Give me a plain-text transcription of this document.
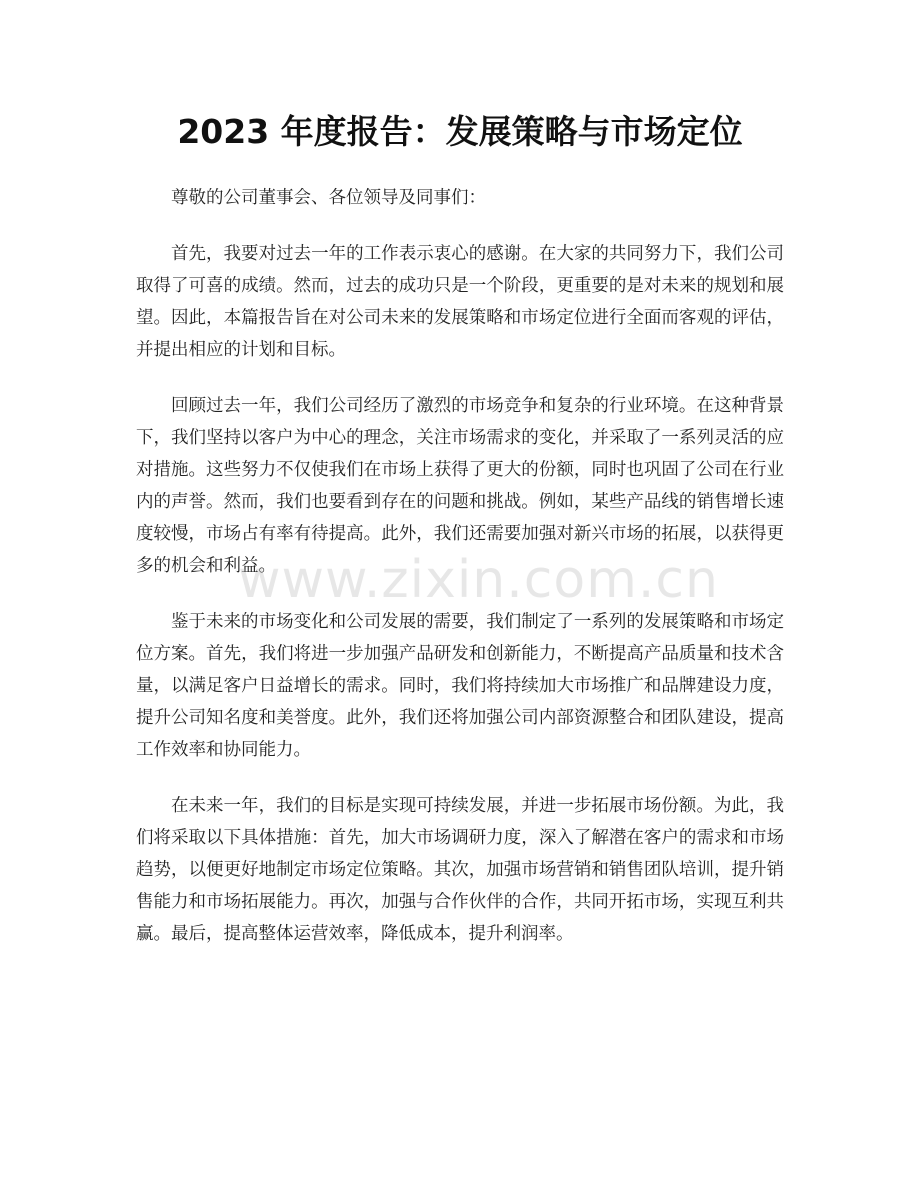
2023 年度报告：发展策略与市场定位

尊敬的公司董事会、各位领导及同事们：

首先，我要对过去一年的工作表示衷心的感谢。在大家的共同努力下，我们公司取得了可喜的成绩。然而，过去的成功只是一个阶段，更重要的是对未来的规划和展望。因此，本篇报告旨在对公司未来的发展策略和市场定位进行全面而客观的评估，并提出相应的计划和目标。

回顾过去一年，我们公司经历了激烈的市场竞争和复杂的行业环境。在这种背景下，我们坚持以客户为中心的理念，关注市场需求的变化，并采取了一系列灵活的应对措施。这些努力不仅使我们在市场上获得了更大的份额，同时也巩固了公司在行业内的声誉。然而，我们也要看到存在的问题和挑战。例如，某些产品线的销售增长速度较慢，市场占有率有待提高。此外，我们还需要加强对新兴市场的拓展，以获得更多的机会和利益。

鉴于未来的市场变化和公司发展的需要，我们制定了一系列的发展策略和市场定位方案。首先，我们将进一步加强产品研发和创新能力，不断提高产品质量和技术含量，以满足客户日益增长的需求。同时，我们将持续加大市场推广和品牌建设力度，提升公司知名度和美誉度。此外，我们还将加强公司内部资源整合和团队建设，提高工作效率和协同能力。

在未来一年，我们的目标是实现可持续发展，并进一步拓展市场份额。为此，我们将采取以下具体措施：首先，加大市场调研力度，深入了解潜在客户的需求和市场趋势，以便更好地制定市场定位策略。其次，加强市场营销和销售团队培训，提升销售能力和市场拓展能力。再次，加强与合作伙伴的合作，共同开拓市场，实现互利共赢。最后，提高整体运营效率，降低成本，提升利润率。

www.zixin.com.cn
